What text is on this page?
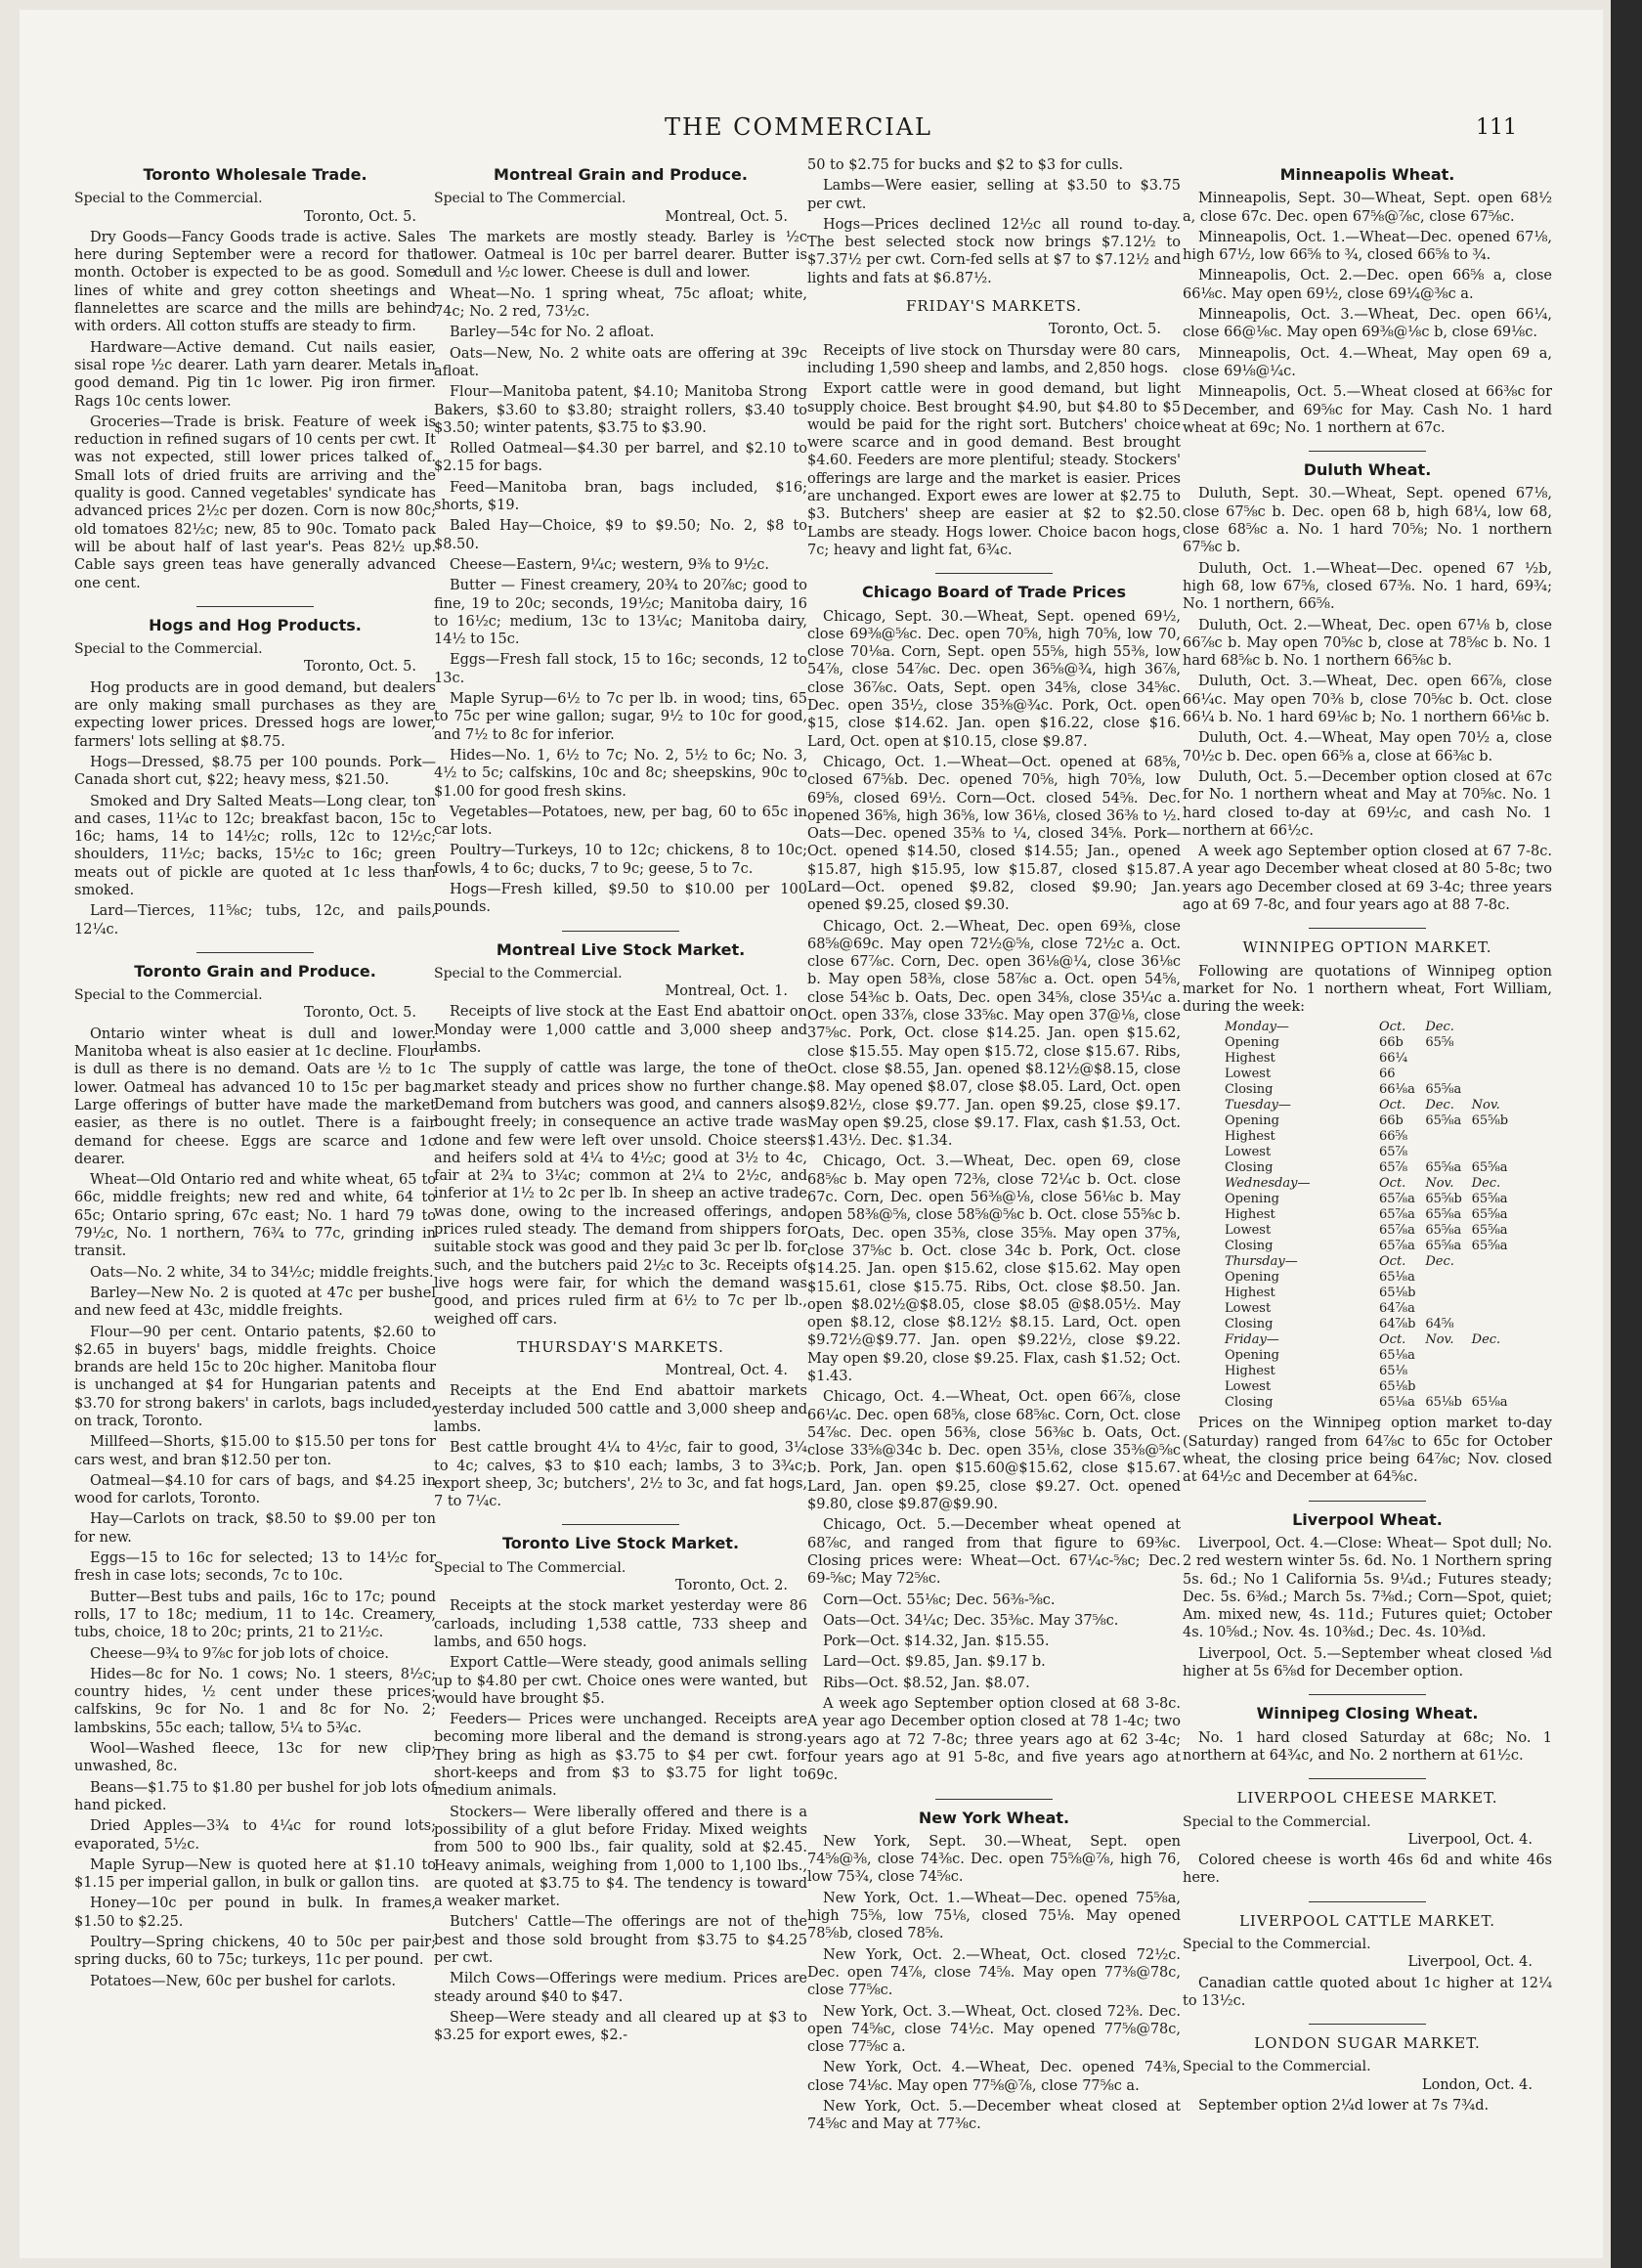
THE COMMERCIAL	111
Toronto Wholesale Trade.

Special to the Commercial.

Toronto, Oct. 5.

Dry Goods—Fancy Goods trade is active. Sales here during September were a record for that month. October is expected to be as good. Some lines of white and grey cotton sheetings and flannelettes are scarce and the mills are behind with orders. All cotton stuffs are steady to firm.

Hardware—Active demand. Cut nails easier, sisal rope ½c dearer. Lath yarn dearer. Metals in good demand. Pig tin 1c lower. Pig iron firmer. Rags 10c cents lower.

Groceries—Trade is brisk. Feature of week is reduction in refined sugars of 10 cents per cwt. It was not expected, still lower prices talked of. Small lots of dried fruits are arriving and the quality is good. Canned vegetables' syndicate has advanced prices 2½c per dozen. Corn is now 80c; old tomatoes 82½c; new, 85 to 90c. Tomato pack will be about half of last year's. Peas 82½ up. Cable says green teas have generally advanced one cent.

Hogs and Hog Products.

Special to the Commercial.

Toronto, Oct. 5.

Hog products are in good demand, but dealers are only making small purchases as they are expecting lower prices. Dressed hogs are lower, farmers' lots selling at $8.75.

Hogs—Dressed, $8.75 per 100 pounds. Pork—Canada short cut, $22; heavy mess, $21.50.

Smoked and Dry Salted Meats—Long clear, ton and cases, 11¼c to 12c; breakfast bacon, 15c to 16c; hams, 14 to 14½c; rolls, 12c to 12½c; shoulders, 11½c; backs, 15½c to 16c; green meats out of pickle are quoted at 1c less than smoked.

Lard—Tierces, 11⅝c; tubs, 12c, and pails, 12¼c.

Toronto Grain and Produce.

Special to the Commercial.

Toronto, Oct. 5.

Ontario winter wheat is dull and lower. Manitoba wheat is also easier at 1c decline. Flour is dull as there is no demand. Oats are ½ to 1c lower. Oatmeal has advanced 10 to 15c per bag. Large offerings of butter have made the market easier, as there is no outlet. There is a fair demand for cheese. Eggs are scarce and 1c dearer.

Wheat—Old Ontario red and white wheat, 65 to 66c, middle freights; new red and white, 64 to 65c; Ontario spring, 67c east; No. 1 hard 79 to 79½c, No. 1 northern, 76¾ to 77c, grinding in transit.

Oats—No. 2 white, 34 to 34½c; middle freights.

Barley—New No. 2 is quoted at 47c per bushel and new feed at 43c, middle freights.

Flour—90 per cent. Ontario patents, $2.60 to $2.65 in buyers' bags, middle freights. Choice brands are held 15c to 20c higher. Manitoba flour is unchanged at $4 for Hungarian patents and $3.70 for strong bakers' in carlots, bags included, on track, Toronto.

Millfeed—Shorts, $15.00 to $15.50 per tons for cars west, and bran $12.50 per ton.

Oatmeal—$4.10 for cars of bags, and $4.25 in wood for carlots, Toronto.

Hay—Carlots on track, $8.50 to $9.00 per ton for new.

Eggs—15 to 16c for selected; 13 to 14½c for fresh in case lots; seconds, 7c to 10c.

Butter—Best tubs and pails, 16c to 17c; pound rolls, 17 to 18c; medium, 11 to 14c. Creamery, tubs, choice, 18 to 20c; prints, 21 to 21½c.

Cheese—9¾ to 9⅞c for job lots of choice.

Hides—8c for No. 1 cows; No. 1 steers, 8½c; country hides, ½ cent under these prices; calfskins, 9c for No. 1 and 8c for No. 2; lambskins, 55c each; tallow, 5¼ to 5¾c.

Wool—Washed fleece, 13c for new clip; unwashed, 8c.

Beans—$1.75 to $1.80 per bushel for job lots of hand picked.

Dried Apples—3¾ to 4¼c for round lots; evaporated, 5½c.

Maple Syrup—New is quoted here at $1.10 to $1.15 per imperial gallon, in bulk or gallon tins.

Honey—10c per pound in bulk. In frames, $1.50 to $2.25.

Poultry—Spring chickens, 40 to 50c per pair; spring ducks, 60 to 75c; turkeys, 11c per pound.

Potatoes—New, 60c per bushel for carlots.

Montreal Grain and Produce.

Special to The Commercial.

Montreal, Oct. 5.

The markets are mostly steady. Barley is ½c lower. Oatmeal is 10c per barrel dearer. Butter is dull and ½c lower. Cheese is dull and lower.

Wheat—No. 1 spring wheat, 75c afloat; white, 74c; No. 2 red, 73½c.

Barley—54c for No. 2 afloat.

Oats—New, No. 2 white oats are offering at 39c afloat.

Flour—Manitoba patent, $4.10; Manitoba Strong Bakers, $3.60 to $3.80; straight rollers, $3.40 to $3.50; winter patents, $3.75 to $3.90.

Rolled Oatmeal—$4.30 per barrel, and $2.10 to $2.15 for bags.

Feed—Manitoba bran, bags included, $16; shorts, $19.

Baled Hay—Choice, $9 to $9.50; No. 2, $8 to $8.50.

Cheese—Eastern, 9¼c; western, 9⅜ to 9½c.

Butter — Finest creamery, 20¾ to 20⅞c; good to fine, 19 to 20c; seconds, 19½c; Manitoba dairy, 16 to 16½c; medium, 13c to 13¼c; Manitoba dairy, 14½ to 15c.

Eggs—Fresh fall stock, 15 to 16c; seconds, 12 to 13c.

Maple Syrup—6½ to 7c per lb. in wood; tins, 65 to 75c per wine gallon; sugar, 9½ to 10c for good, and 7½ to 8c for inferior.

Hides—No. 1, 6½ to 7c; No. 2, 5½ to 6c; No. 3, 4½ to 5c; calfskins, 10c and 8c; sheepskins, 90c to $1.00 for good fresh skins.

Vegetables—Potatoes, new, per bag, 60 to 65c in car lots.

Poultry—Turkeys, 10 to 12c; chickens, 8 to 10c; fowls, 4 to 6c; ducks, 7 to 9c; geese, 5 to 7c.

Hogs—Fresh killed, $9.50 to $10.00 per 100 pounds.

Montreal Live Stock Market.

Special to the Commercial.

Montreal, Oct. 1.

Receipts of live stock at the East End abattoir on Monday were 1,000 cattle and 3,000 sheep and lambs.

The supply of cattle was large, the tone of the market steady and prices show no further change. Demand from butchers was good, and canners also bought freely; in consequence an active trade was done and few were left over unsold. Choice steers and heifers sold at 4¼ to 4½c; good at 3½ to 4c, fair at 2¾ to 3¼c; common at 2¼ to 2½c, and inferior at 1½ to 2c per lb. In sheep an active trade was done, owing to the increased offerings, and prices ruled steady. The demand from shippers for suitable stock was good and they paid 3c per lb. for such, and the butchers paid 2½c to 3c. Receipts of live hogs were fair, for which the demand was good, and prices ruled firm at 6½ to 7c per lb., weighed off cars.

THURSDAY'S MARKETS.

Montreal, Oct. 4.

Receipts at the End End abattoir markets yesterday included 500 cattle and 3,000 sheep and lambs.

Best cattle brought 4¼ to 4½c, fair to good, 3¼ to 4c; calves, $3 to $10 each; lambs, 3 to 3¾c; export sheep, 3c; butchers', 2½ to 3c, and fat hogs, 7 to 7¼c.

Toronto Live Stock Market.

Special to The Commercial.

Toronto, Oct. 2.

Receipts at the stock market yesterday were 86 carloads, including 1,538 cattle, 733 sheep and lambs, and 650 hogs.

Export Cattle—Were steady, good animals selling up to $4.80 per cwt. Choice ones were wanted, but would have brought $5.

Feeders— Prices were unchanged. Receipts are becoming more liberal and the demand is strong. They bring as high as $3.75 to $4 per cwt. for short-keeps and from $3 to $3.75 for light to medium animals.

Stockers— Were liberally offered and there is a possibility of a glut before Friday. Mixed weights from 500 to 900 lbs., fair quality, sold at $2.45. Heavy animals, weighing from 1,000 to 1,100 lbs., are quoted at $3.75 to $4. The tendency is toward a weaker market.

Butchers' Cattle—The offerings are not of the best and those sold brought from $3.75 to $4.25 per cwt.

Milch Cows—Offerings were medium. Prices are steady around $40 to $47.

Sheep—Were steady and all cleared up at $3 to $3.25 for export ewes, $2.-

50 to $2.75 for bucks and $2 to $3 for culls.

Lambs—Were easier, selling at $3.50 to $3.75 per cwt.

Hogs—Prices declined 12½c all round to-day. The best selected stock now brings $7.12½ to $7.37½ per cwt. Corn-fed sells at $7 to $7.12½ and lights and fats at $6.87½.

FRIDAY'S MARKETS.

Toronto, Oct. 5.

Receipts of live stock on Thursday were 80 cars, including 1,590 sheep and lambs, and 2,850 hogs.

Export cattle were in good demand, but light supply choice. Best brought $4.90, but $4.80 to $5 would be paid for the right sort. Butchers' choice were scarce and in good demand. Best brought $4.60. Feeders are more plentiful; steady. Stockers' offerings are large and the market is easier. Prices are unchanged. Export ewes are lower at $2.75 to $3. Butchers' sheep are easier at $2 to $2.50. Lambs are steady. Hogs lower. Choice bacon hogs, 7c; heavy and light fat, 6¾c.

Chicago Board of Trade Prices

Chicago, Sept. 30.—Wheat, Sept. opened 69½, close 69⅜@⅝c. Dec. open 70⅝, high 70⅝, low 70, close 70⅛a. Corn, Sept. open 55⅝, high 55⅜, low 54⅞, close 54⅞c. Dec. open 36⅝@¾, high 36⅞, close 36⅞c. Oats, Sept. open 34⅝, close 34⅝c. Dec. open 35½, close 35⅜@¾c. Pork, Oct. open $15, close $14.62. Jan. open $16.22, close $16. Lard, Oct. open at $10.15, close $9.87.

Chicago, Oct. 1.—Wheat—Oct. opened at 68⅝, closed 67⅝b. Dec. opened 70⅝, high 70⅝, low 69⅝, closed 69½. Corn—Oct. closed 54⅝. Dec. opened 36⅝, high 36⅝, low 36⅛, closed 36⅜ to ½. Oats—Dec. opened 35⅜ to ¼, closed 34⅝. Pork—Oct. opened $14.50, closed $14.55; Jan., opened $15.87, high $15.95, low $15.87, closed $15.87. Lard—Oct. opened $9.82, closed $9.90; Jan. opened $9.25, closed $9.30.

Chicago, Oct. 2.—Wheat, Dec. open 69⅜, close 68⅝@69c. May open 72½@⅝, close 72½c a. Oct. close 67⅞c. Corn, Dec. open 36⅛@¼, close 36⅛c b. May open 58⅜, close 58⅞c a. Oct. open 54⅝, close 54⅜c b. Oats, Dec. open 34⅝, close 35¼c a. Oct. open 33⅞, close 33⅝c. May open 37@⅛, close 37⅝c. Pork, Oct. close $14.25. Jan. open $15.62, close $15.55. May open $15.72, close $15.67. Ribs, Oct. close $8.55, Jan. opened $8.12½@$8.15, close $8. May opened $8.07, close $8.05. Lard, Oct. open $9.82½, close $9.77. Jan. open $9.25, close $9.17. May open $9.25, close $9.17. Flax, cash $1.53, Oct. $1.43½. Dec. $1.34.

Chicago, Oct. 3.—Wheat, Dec. open 69, close 68⅝c b. May open 72⅜, close 72¼c b. Oct. close 67c. Corn, Dec. open 56⅜@⅛, close 56⅛c b. May open 58⅜@⅝, close 58⅝@⅝c b. Oct. close 55⅝c b. Oats, Dec. open 35⅜, close 35⅝. May open 37⅝, close 37⅝c b. Oct. close 34c b. Pork, Oct. close $14.25. Jan. open $15.62, close $15.62. May open $15.61, close $15.75. Ribs, Oct. close $8.50. Jan. open $8.02½@$8.05, close $8.05 @$8.05½. May open $8.12, close $8.12½ $8.15. Lard, Oct. open $9.72½@$9.77. Jan. open $9.22½, close $9.22. May open $9.20, close $9.25. Flax, cash $1.52; Oct. $1.43.

Chicago, Oct. 4.—Wheat, Oct. open 66⅞, close 66¼c. Dec. open 68⅝, close 68⅝c. Corn, Oct. close 54⅞c. Dec. open 56⅜, close 56⅜c b. Oats, Oct. close 33⅝@34c b. Dec. open 35⅛, close 35⅜@⅝c b. Pork, Jan. open $15.60@$15.62, close $15.67. Lard, Jan. open $9.25, close $9.27. Oct. opened $9.80, close $9.87@$9.90.

Chicago, Oct. 5.—December wheat opened at 68⅞c, and ranged from that figure to 69⅜c. Closing prices were: Wheat—Oct. 67¼c-⅝c; Dec. 69-⅝c; May 72⅝c.

Corn—Oct. 55⅛c; Dec. 56⅜-⅝c.

Oats—Oct. 34¼c; Dec. 35⅜c. May 37⅝c.

Pork—Oct. $14.32, Jan. $15.55.

Lard—Oct. $9.85, Jan. $9.17 b.

Ribs—Oct. $8.52, Jan. $8.07.

A week ago September option closed at 68 3-8c. A year ago December option closed at 78 1-4c; two years ago at 72 7-8c; three years ago at 62 3-4c; four years ago at 91 5-8c, and five years ago at 69c.

New York Wheat.

New York, Sept. 30.—Wheat, Sept. open 74⅝@⅜, close 74⅜c. Dec. open 75⅝@⅞, high 76, low 75¾, close 74⅝c.

New York, Oct. 1.—Wheat—Dec. opened 75⅝a, high 75⅝, low 75⅛, closed 75⅛. May opened 78⅝b, closed 78⅝.

New York, Oct. 2.—Wheat, Oct. closed 72½c. Dec. open 74⅞, close 74⅝. May open 77⅜@78c, close 77⅝c.

New York, Oct. 3.—Wheat, Oct. closed 72⅜. Dec. open 74⅝c, close 74½c. May opened 77⅝@78c, close 77⅝c a.

New York, Oct. 4.—Wheat, Dec. opened 74⅜, close 74⅛c. May open 77⅝@⅞, close 77⅝c a.

New York, Oct. 5.—December wheat closed at 74⅝c and May at 77⅜c.

Minneapolis Wheat.

Minneapolis, Sept. 30—Wheat, Sept. open 68½ a, close 67c. Dec. open 67⅝@⅞c, close 67⅝c.

Minneapolis, Oct. 1.—Wheat—Dec. opened 67⅛, high 67½, low 66⅝ to ¾, closed 66⅝ to ¾.

Minneapolis, Oct. 2.—Dec. open 66⅝ a, close 66⅛c. May open 69½, close 69¼@⅜c a.

Minneapolis, Oct. 3.—Wheat, Dec. open 66¼, close 66@⅛c. May open 69⅜@⅛c b, close 69⅛c.

Minneapolis, Oct. 4.—Wheat, May open 69 a, close 69⅛@¼c.

Minneapolis, Oct. 5.—Wheat closed at 66⅜c for December, and 69⅝c for May. Cash No. 1 hard wheat at 69c; No. 1 northern at 67c.

Duluth Wheat.

Duluth, Sept. 30.—Wheat, Sept. opened 67⅛, close 67⅝c b. Dec. open 68 b, high 68¼, low 68, close 68⅝c a. No. 1 hard 70⅝; No. 1 northern 67⅝c b.

Duluth, Oct. 1.—Wheat—Dec. opened 67 ½b, high 68, low 67⅝, closed 67⅜. No. 1 hard, 69¾; No. 1 northern, 66⅝.

Duluth, Oct. 2.—Wheat, Dec. open 67⅛ b, close 66⅞c b. May open 70⅝c b, close at 78⅝c b. No. 1 hard 68⅝c b. No. 1 northern 66⅝c b.

Duluth, Oct. 3.—Wheat, Dec. open 66⅞, close 66¼c. May open 70⅜ b, close 70⅝c b. Oct. close 66¼ b. No. 1 hard 69⅛c b; No. 1 northern 66⅛c b.

Duluth, Oct. 4.—Wheat, May open 70½ a, close 70½c b. Dec. open 66⅝ a, close at 66⅜c b.

Duluth, Oct. 5.—December option closed at 67c for No. 1 northern wheat and May at 70⅝c. No. 1 hard closed to-day at 69½c, and cash No. 1 northern at 66½c.

A week ago September option closed at 67 7-8c. A year ago December wheat closed at 80 5-8c; two years ago December closed at 69 3-4c; three years ago at 69 7-8c, and four years ago at 88 7-8c.

WINNIPEG OPTION MARKET.

Following are quotations of Winnipeg option market for No. 1 northern wheat, Fort William, during the week:

Monday—	Oct.	Dec.	
Opening	66b	65⅝	
Highest	66¼		
Lowest	66		
Closing	66⅛a	65⅝a	
Tuesday—	Oct.	Dec.	Nov.
Opening	66b	65⅝a	65⅝b
Highest	66⅝		
Lowest	65⅞		
Closing	65⅞	65⅝a	65⅝a
Wednesday—	Oct.	Nov.	Dec.
Opening	65⅞a	65⅝b	65⅝a
Highest	65⅞a	65⅝a	65⅝a
Lowest	65⅞a	65⅝a	65⅝a
Closing	65⅞a	65⅝a	65⅝a
Thursday—	Oct.	Dec.	
Opening	65⅛a		
Highest	65⅛b		
Lowest	64⅞a		
Closing	64⅞b	64⅝	
Friday—	Oct.	Nov.	Dec.
Opening	65⅛a		
Highest	65⅛		
Lowest	65⅛b		
Closing	65⅛a	65⅛b	65⅛a

Prices on the Winnipeg option market to-day (Saturday) ranged from 64⅞c to 65c for October wheat, the closing price being 64⅞c; Nov. closed at 64½c and December at 64⅝c.

Liverpool Wheat.

Liverpool, Oct. 4.—Close: Wheat— Spot dull; No. 2 red western winter 5s. 6d. No. 1 Northern spring 5s. 6d.; No 1 California 5s. 9¼d.; Futures steady; Dec. 5s. 6⅜d.; March 5s. 7⅜d.; Corn—Spot, quiet; Am. mixed new, 4s. 11d.; Futures quiet; October 4s. 10⅝d.; Nov. 4s. 10⅜d.; Dec. 4s. 10⅜d.

Liverpool, Oct. 5.—September wheat closed ⅛d higher at 5s 6⅝d for December option.

Winnipeg Closing Wheat.

No. 1 hard closed Saturday at 68c; No. 1 northern at 64¾c, and No. 2 northern at 61½c.

LIVERPOOL CHEESE MARKET.

Special to the Commercial.

Liverpool, Oct. 4.

Colored cheese is worth 46s 6d and white 46s here.

LIVERPOOL CATTLE MARKET.

Special to the Commercial.

Liverpool, Oct. 4.

Canadian cattle quoted about 1c higher at 12¼ to 13½c.

LONDON SUGAR MARKET.

Special to the Commercial.

London, Oct. 4.

September option 2¼d lower at 7s 7¾d.
